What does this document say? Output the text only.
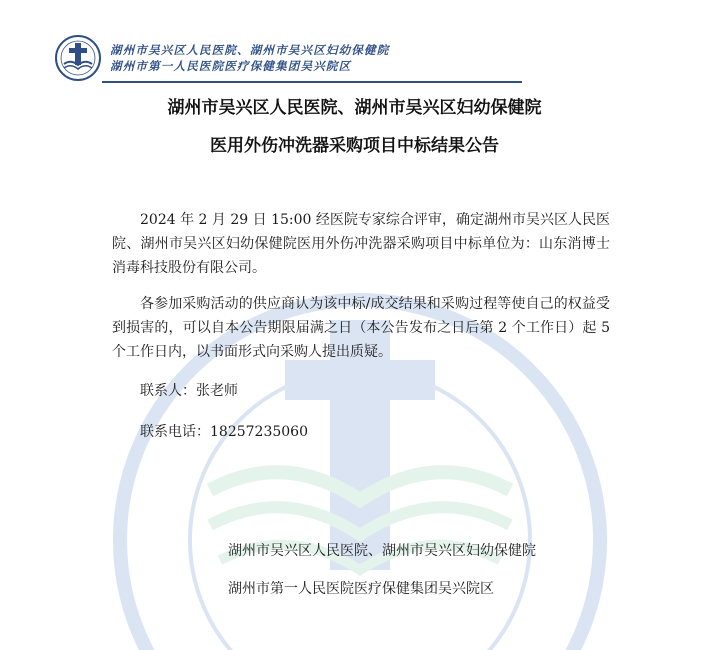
湖州市吴兴区人民医院、湖州市吴兴区妇幼保健院
湖州市第一人民医院医疗保健集团吴兴院区
湖州市吴兴区人民医院、湖州市吴兴区妇幼保健院
医用外伤冲洗器采购项目中标结果公告
2024 年 2 月 29 日 15:00 经医院专家综合评审，确定湖州市吴兴区人民医院、湖州市吴兴区妇幼保健院医用外伤冲洗器采购项目中标单位为：山东消博士消毒科技股份有限公司。
各参加采购活动的供应商认为该中标/成交结果和采购过程等使自己的权益受到损害的，可以自本公告期限届满之日（本公告发布之日后第 2 个工作日）起 5 个工作日内，以书面形式向采购人提出质疑。
联系人：张老师
联系电话：18257235060
湖州市吴兴区人民医院、湖州市吴兴区妇幼保健院
湖州市第一人民医院医疗保健集团吴兴院区
